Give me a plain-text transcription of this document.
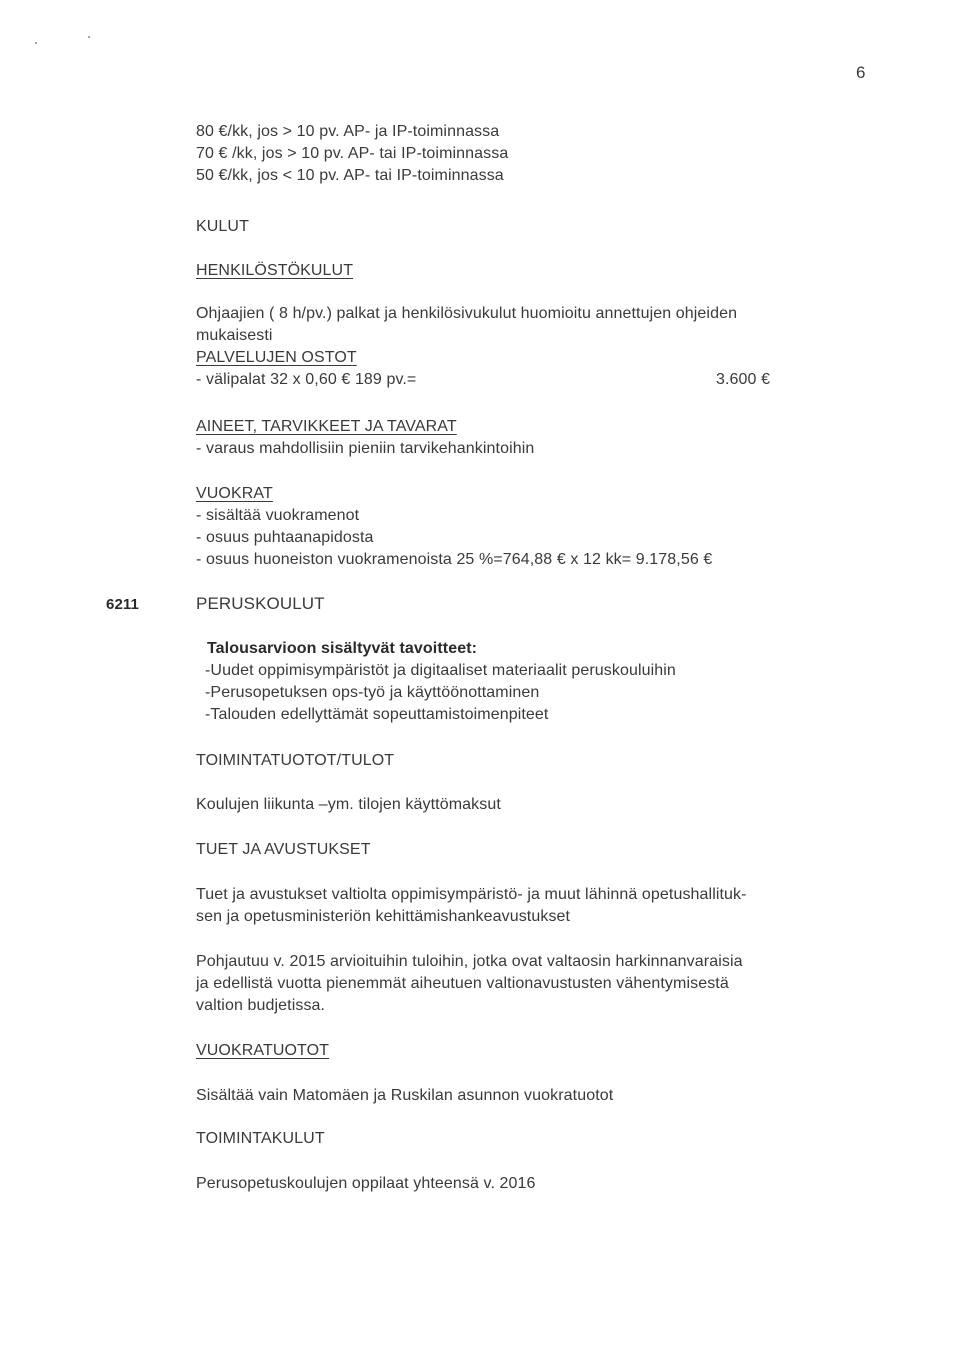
6
80 €/kk, jos > 10 pv. AP- ja IP-toiminnassa
70 € /kk, jos > 10 pv. AP- tai IP-toiminnassa
50 €/kk, jos < 10 pv. AP- tai IP-toiminnassa
KULUT
HENKILÖSTÖKULUT
Ohjaajien ( 8 h/pv.) palkat ja henkilösivukulut huomioitu annettujen ohjeiden
mukaisesti
PALVELUJEN OSTOT
- välipalat 32 x 0,60 € 189 pv.=	3.600 €
AINEET, TARVIKKEET JA TAVARAT
- varaus mahdollisiin pieniin tarvikehankintoihin
VUOKRAT
- sisältää vuokramenot
- osuus puhtaanapidosta
- osuus huoneiston vuokramenoista 25 %=764,88 € x 12 kk= 9.178,56 €
6211	PERUSKOULUT
Talousarvioon sisältyvät tavoitteet:
-Uudet oppimisympäristöt ja digitaaliset materiaalit peruskouluihin
-Perusopetuksen ops-työ ja käyttöönottaminen
-Talouden edellyttämät sopeuttamistoimenpiteet
TOIMINTATUOTOT/TULOT
Koulujen liikunta –ym. tilojen käyttömaksut
TUET JA AVUSTUKSET
Tuet ja avustukset valtiolta oppimisympäristö- ja muut lähinnä opetushallituk-
sen ja opetusministeriön kehittämishankeavustukset
Pohjautuu v. 2015 arvioituihin tuloihin, jotka ovat valtaosin harkinnanvaraisia
ja edellistä vuotta pienemmät aiheutuen valtionavustusten vähentymisestä
valtion budjetissa.
VUOKRATUOTOT
Sisältää vain Matomäen ja Ruskilan asunnon vuokratuotot
TOIMINTAKULUT
Perusopetuskoulujen oppilaat yhteensä v. 2016
